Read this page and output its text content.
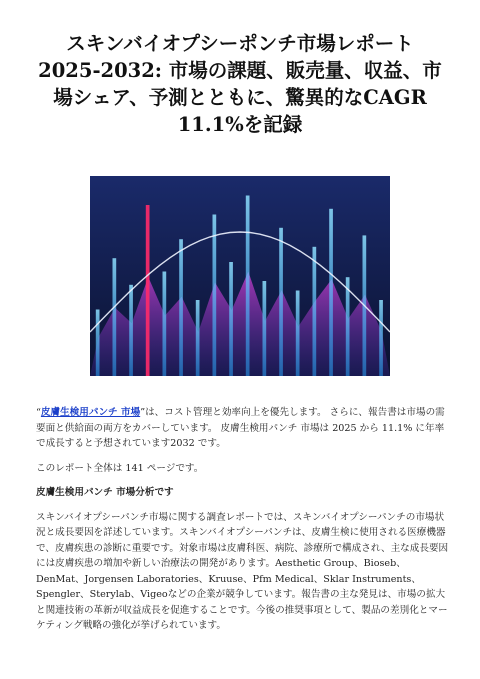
スキンバイオプシーポンチ市場レポート 2025-2032: 市場の課題、販売量、収益、市場シェア、予測とともに、驚異的なCAGR 11.1%を記録

“皮膚生検用パンチ 市場”は、コスト管理と効率向上を優先します。 さらに、報告書は市場の需要面と供給面の両方をカバーしています。 皮膚生検用パンチ 市場は 2025 から 11.1% に年率で成長すると予想されています2032 です。

このレポート全体は 141 ページです。

皮膚生検用パンチ 市場分析です

スキンバイオプシーパンチ市場に関する調査レポートでは、スキンバイオプシーパンチの市場状況と成長要因を詳述しています。スキンバイオプシーパンチは、皮膚生検に使用される医療機器で、皮膚疾患の診断に重要です。対象市場は皮膚科医、病院、診療所で構成され、主な成長要因には皮膚疾患の増加や新しい治療法の開発があります。Aesthetic Group、Bioseb、DenMat、Jorgensen Laboratories、Kruuse、Pfm Medical、Sklar Instruments、Spengler、Sterylab、Vigeoなどの企業が競争しています。報告書の主な発見は、市場の拡大と関連技術の革新が収益成長を促進することです。今後の推奨事項として、製品の差別化とマーケティング戦略の強化が挙げられています。
